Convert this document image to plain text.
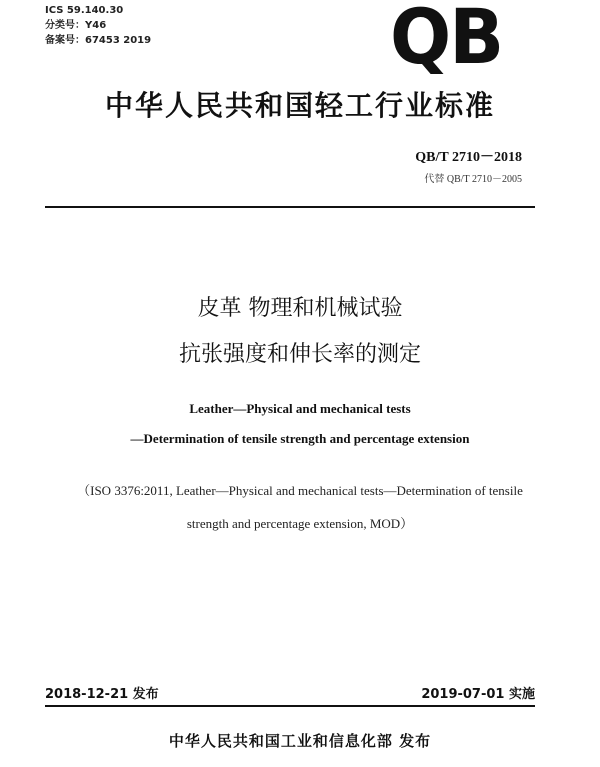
ICS 59.140.30
分类号：Y46
备案号：67453 2019	QB
中华人民共和国轻工行业标准
QB/T 2710－2018
代替 QB/T 2710－2005
皮革 物理和机械试验
抗张强度和伸长率的测定
Leather—Physical and mechanical tests
—Determination of tensile strength and percentage extension
（ISO 3376:2011, Leather—Physical and mechanical tests—Determination of tensile
strength and percentage extension, MOD）
2018-12-21 发布	2019-07-01 实施
中华人民共和国工业和信息化部 发布
